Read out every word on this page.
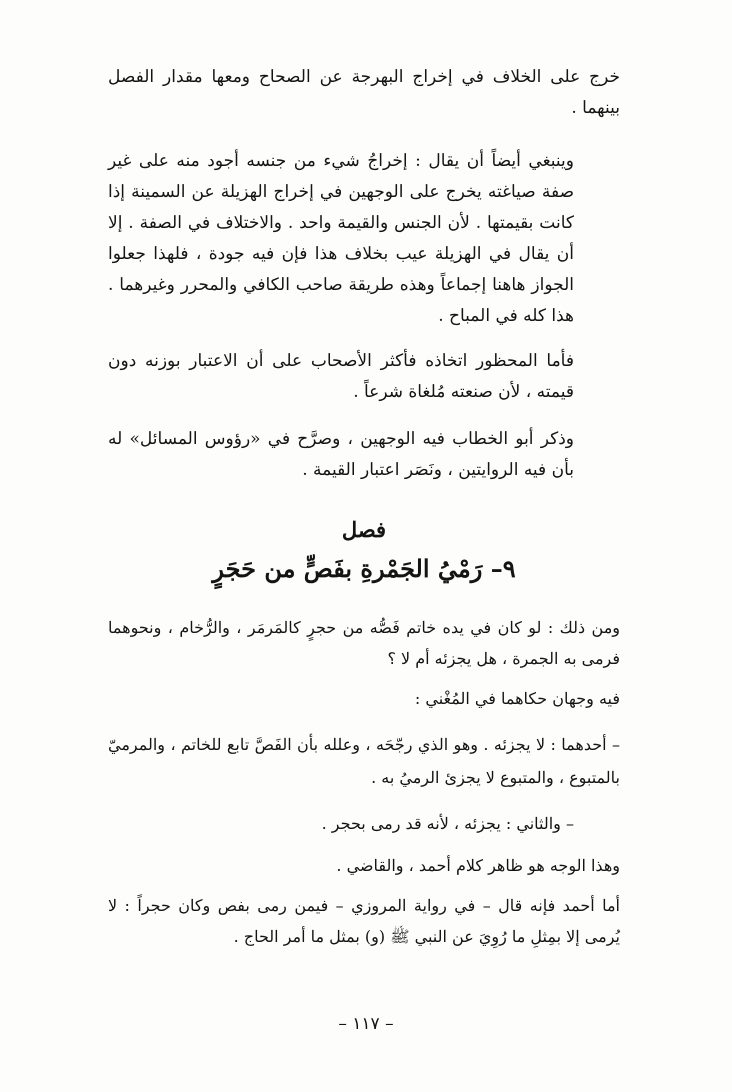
خرج على الخلاف في إخراج البهرجة عن الصحاح ومعها مقدار الفصل بينهما .

وينبغي أيضاً أن يقال : إخراجُ شيء من جنسه أجود منه على غير صفة صياغته يخرج على الوجهين في إخراج الهزيلة عن السمينة إذا كانت بقيمتها . لأن الجنس والقيمة واحد . والاختلاف في الصفة . إلا أن يقال في الهزيلة عيب بخلاف هذا فإن فيه جودة ، فلهذا جعلوا الجواز هاهنا إجماعاً وهذه طريقة صاحب الكافي والمحرر وغيرهما . هذا كله في المباح .

فأما المحظور اتخاذه فأكثر الأصحاب على أن الاعتبار بوزنه دون قيمته ، لأن صنعته مُلغاة شرعاً .

وذكر أبو الخطاب فيه الوجهين ، وصرَّح في «رؤوس المسائل» له بأن فيه الروايتين ، ونَصَر اعتبار القيمة .

فصل
٩– رَمْيُ الجَمْرةِ بفَصٍّ من حَجَرٍ

ومن ذلك : لو كان في يده خاتم فَصُّه من حجرٍ كالمَرمَر ، والرُّخام ، ونحوهما فرمى به الجمرة ، هل يجزئه أم لا ؟

فيه وجهان حكاهما في المُغْني :

– أحدهما : لا يجزئه . وهو الذي رجّحَه ، وعلله بأن الفَصَّ تابع للخاتم ، والمرميّ بالمتبوع ، والمتبوع لا يجزئ الرميُ به .

– والثاني : يجزئه ، لأنه قد رمى بحجر .

وهذا الوجه هو ظاهر كلام أحمد ، والقاضي .

أما أحمد فإنه قال – في رواية المروزي – فيمن رمى بفص وكان حجراً : لا يُرمى إلا بمِثلِ ما رُوِيَ عن النبي ﷺ (و) بمثل ما أمر الحاج .

– ١١٧ –
